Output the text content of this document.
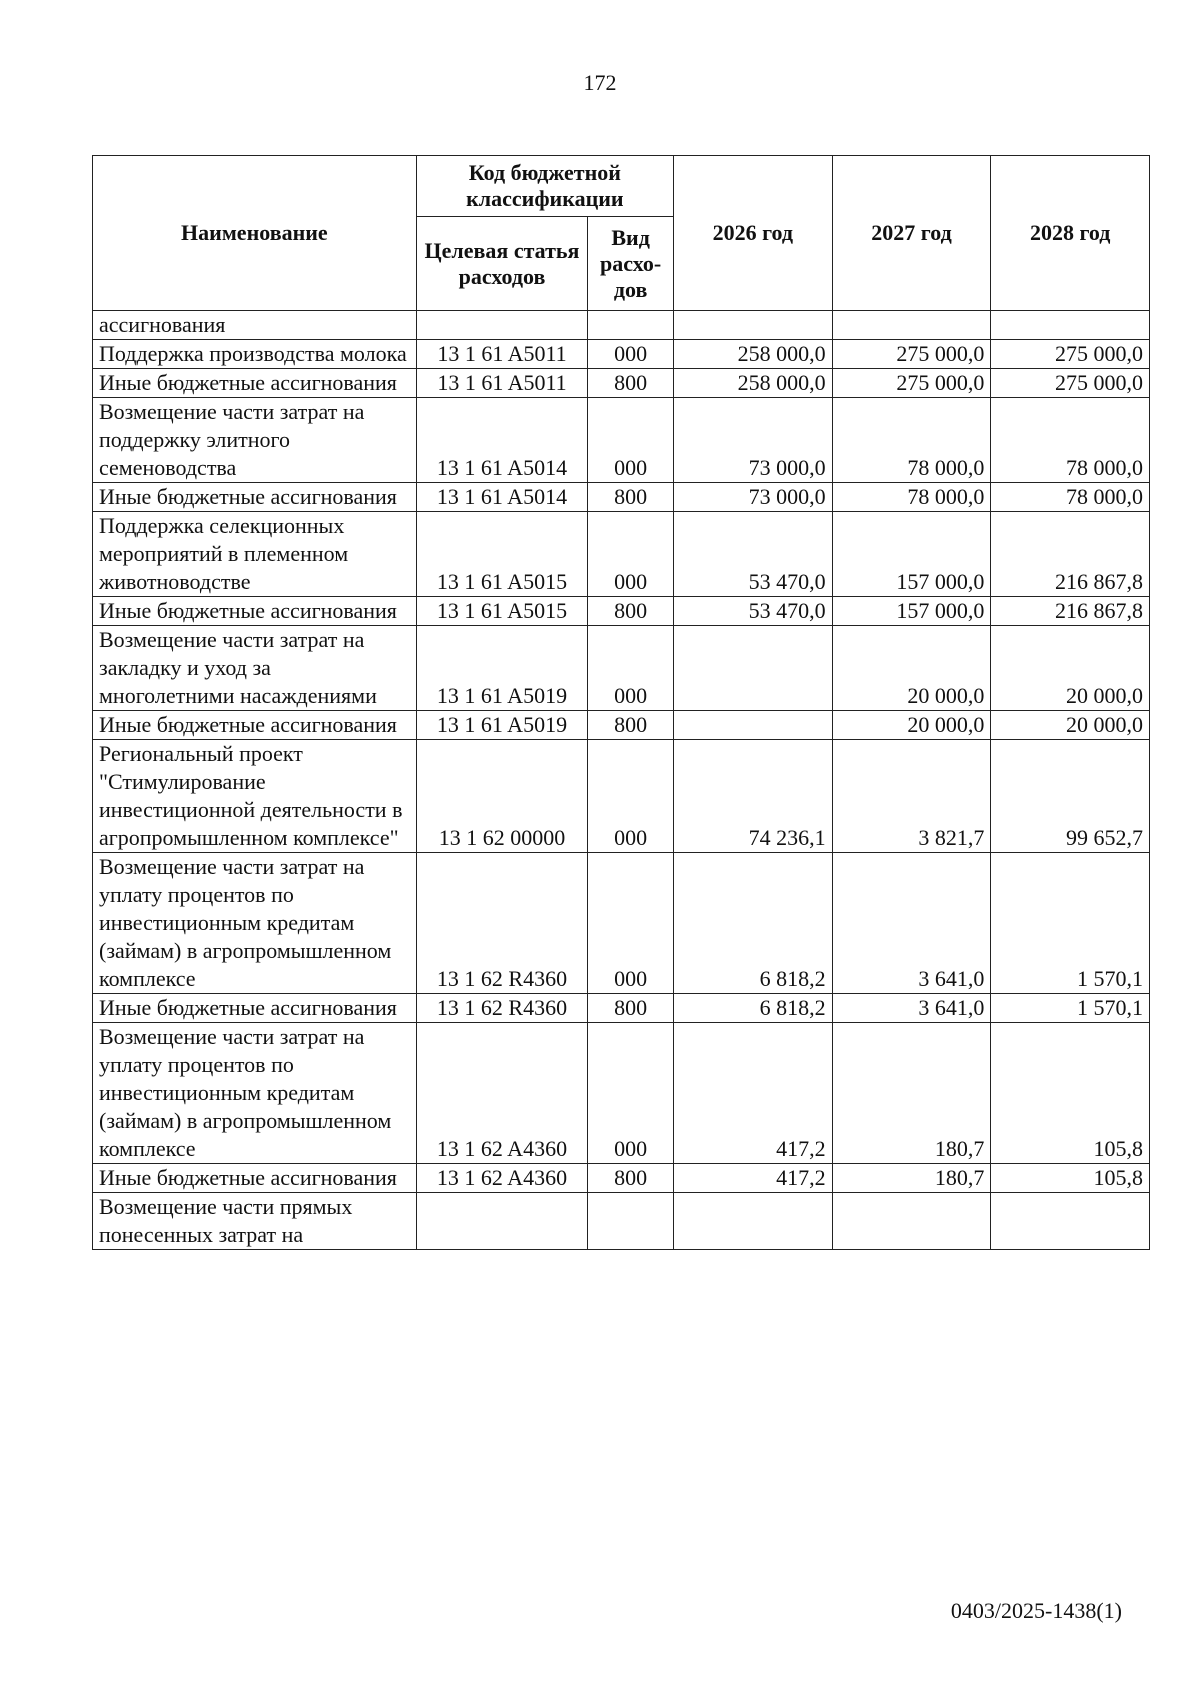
172
Наименование	Код бюджетной классификации		2026 год	2027 год	2028 год
	Целевая статья расходов	Вид расхо-дов			
ассигнования					
Поддержка производства молока	13 1 61 A5011	000	258 000,0	275 000,0	275 000,0
Иные бюджетные ассигнования	13 1 61 A5011	800	258 000,0	275 000,0	275 000,0
Возмещение части затрат на поддержку элитного семеноводства	13 1 61 A5014	000	73 000,0	78 000,0	78 000,0
Иные бюджетные ассигнования	13 1 61 A5014	800	73 000,0	78 000,0	78 000,0
Поддержка селекционных мероприятий в племенном животноводстве	13 1 61 A5015	000	53 470,0	157 000,0	216 867,8
Иные бюджетные ассигнования	13 1 61 A5015	800	53 470,0	157 000,0	216 867,8
Возмещение части затрат на закладку и уход за многолетними насаждениями	13 1 61 A5019	000		20 000,0	20 000,0
Иные бюджетные ассигнования	13 1 61 A5019	800		20 000,0	20 000,0
Региональный проект "Стимулирование инвестиционной деятельности в агропромышленном комплексе"	13 1 62 00000	000	74 236,1	3 821,7	99 652,7
Возмещение части затрат на уплату процентов по инвестиционным кредитам (займам) в агропромышленном комплексе	13 1 62 R4360	000	6 818,2	3 641,0	1 570,1
Иные бюджетные ассигнования	13 1 62 R4360	800	6 818,2	3 641,0	1 570,1
Возмещение части затрат на уплату процентов по инвестиционным кредитам (займам) в агропромышленном комплексе	13 1 62 A4360	000	417,2	180,7	105,8
Иные бюджетные ассигнования	13 1 62 A4360	800	417,2	180,7	105,8
Возмещение части прямых понесенных затрат на					
0403/2025-1438(1)
